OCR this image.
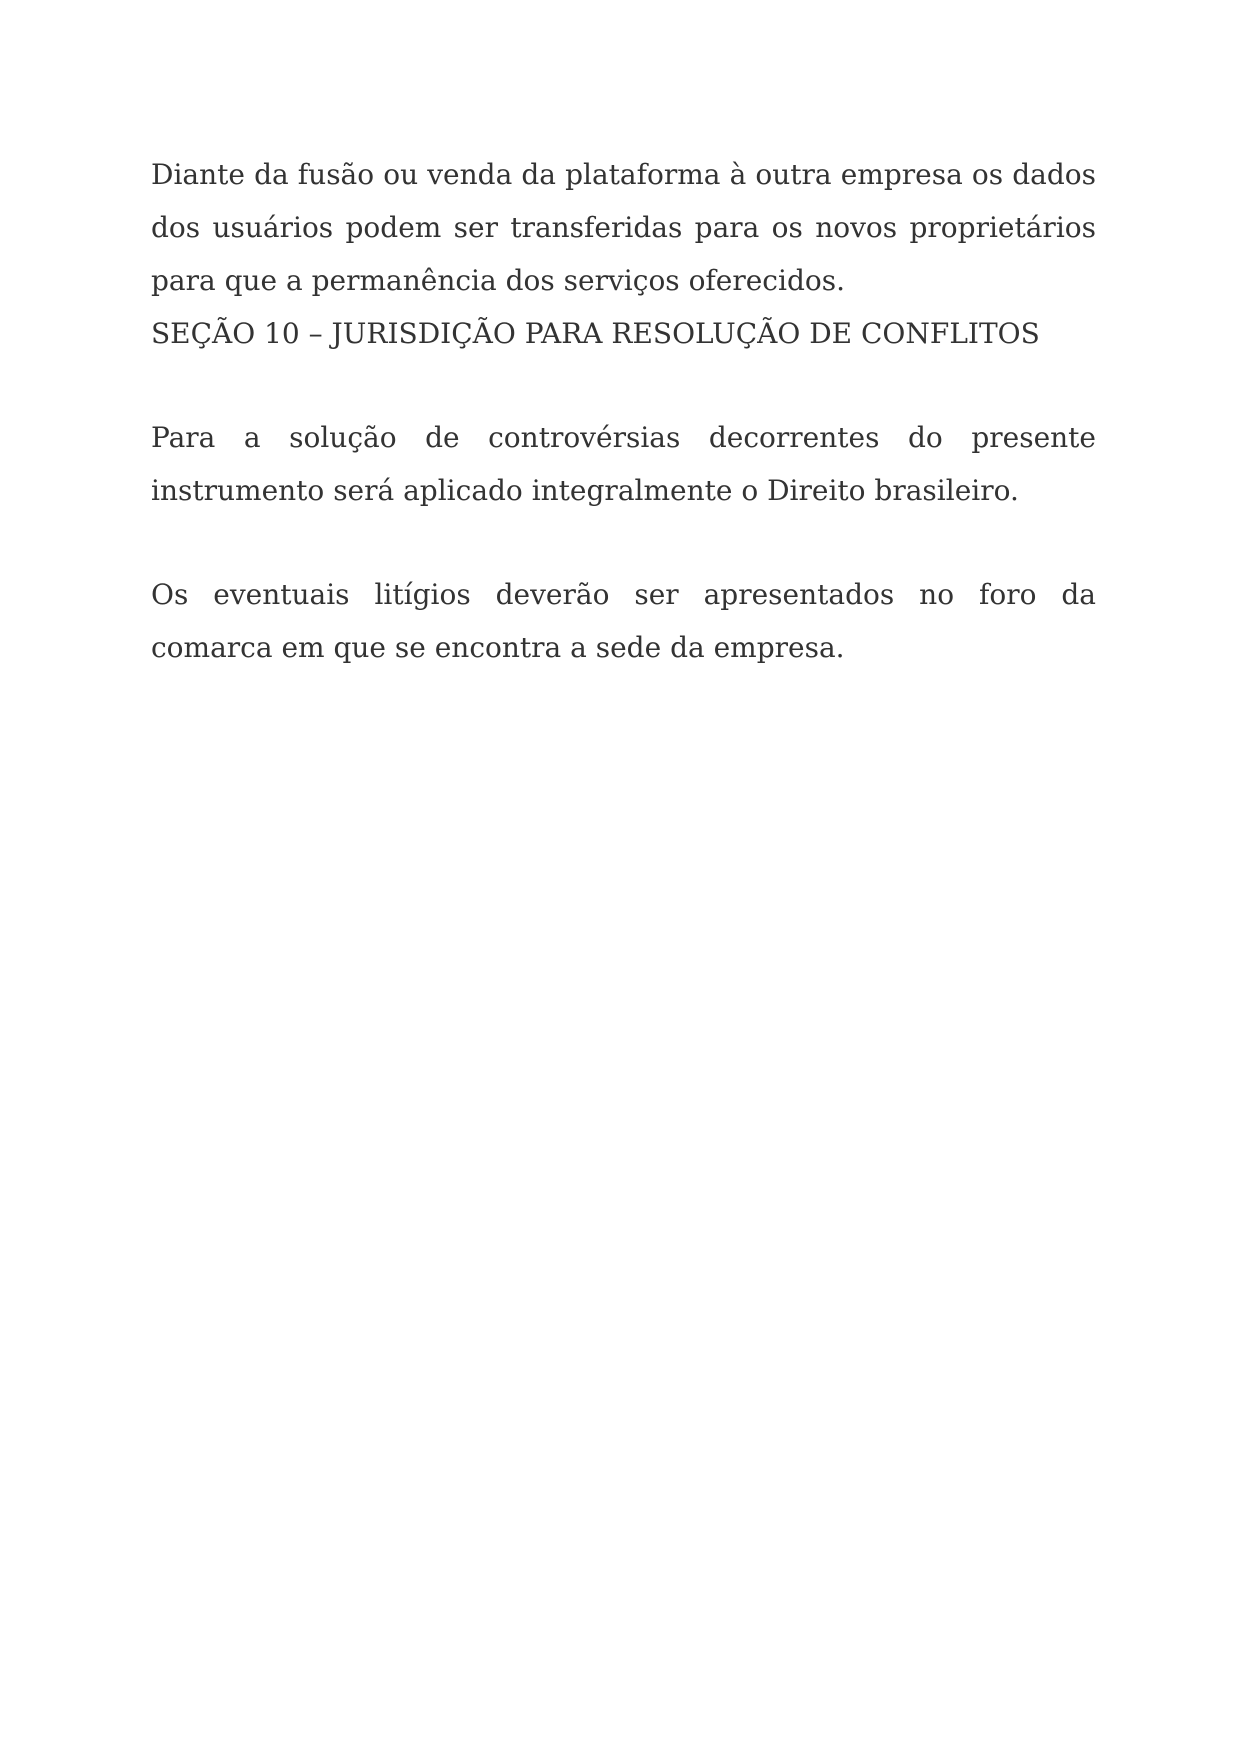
Diante da fusão ou venda da plataforma à outra empresa os dados dos usuários podem ser transferidas para os novos proprietários para que a permanência dos serviços oferecidos.

SEÇÃO 10 – JURISDIÇÃO PARA RESOLUÇÃO DE CONFLITOS

Para a solução de controvérsias decorrentes do presente instrumento será aplicado integralmente o Direito brasileiro.

Os eventuais litígios deverão ser apresentados no foro da comarca em que se encontra a sede da empresa.
